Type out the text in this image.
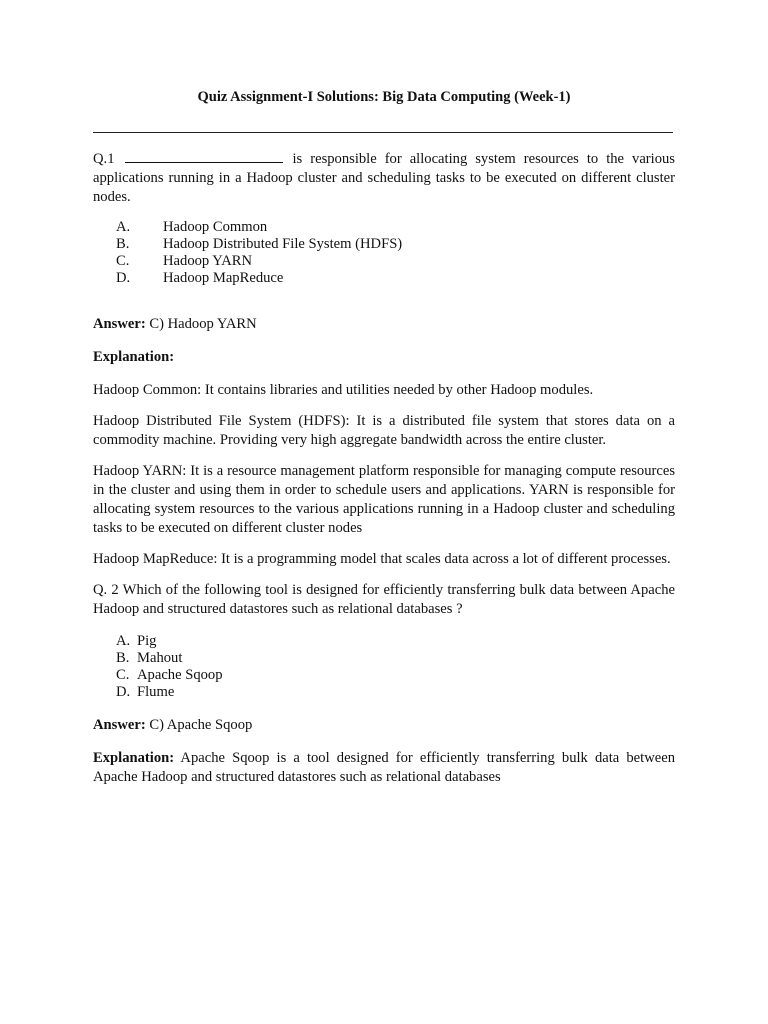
Quiz Assignment-I Solutions: Big Data Computing (Week-1)

Q.1	is responsible for allocating system resources to the various applications running in a Hadoop cluster and scheduling tasks to be executed on different cluster nodes.

A.	Hadoop Common
B.	Hadoop Distributed File System (HDFS)
C.	Hadoop YARN
D.	Hadoop MapReduce

Answer: C) Hadoop YARN

Explanation:

Hadoop Common: It contains libraries and utilities needed by other Hadoop modules.

Hadoop Distributed File System (HDFS): It is a distributed file system that stores data on a commodity machine. Providing very high aggregate bandwidth across the entire cluster.

Hadoop YARN: It is a resource management platform responsible for managing compute resources in the cluster and using them in order to schedule users and applications. YARN is responsible for allocating system resources to the various applications running in a Hadoop cluster and scheduling tasks to be executed on different cluster nodes

Hadoop MapReduce: It is a programming model that scales data across a lot of different processes.

Q. 2 Which of the following tool is designed for efficiently transferring bulk data between Apache Hadoop and structured datastores such as relational databases ?

A. Pig
B. Mahout
C. Apache Sqoop
D. Flume

Answer: C) Apache Sqoop

Explanation: Apache Sqoop is a tool designed for efficiently transferring bulk data between Apache Hadoop and structured datastores such as relational databases
